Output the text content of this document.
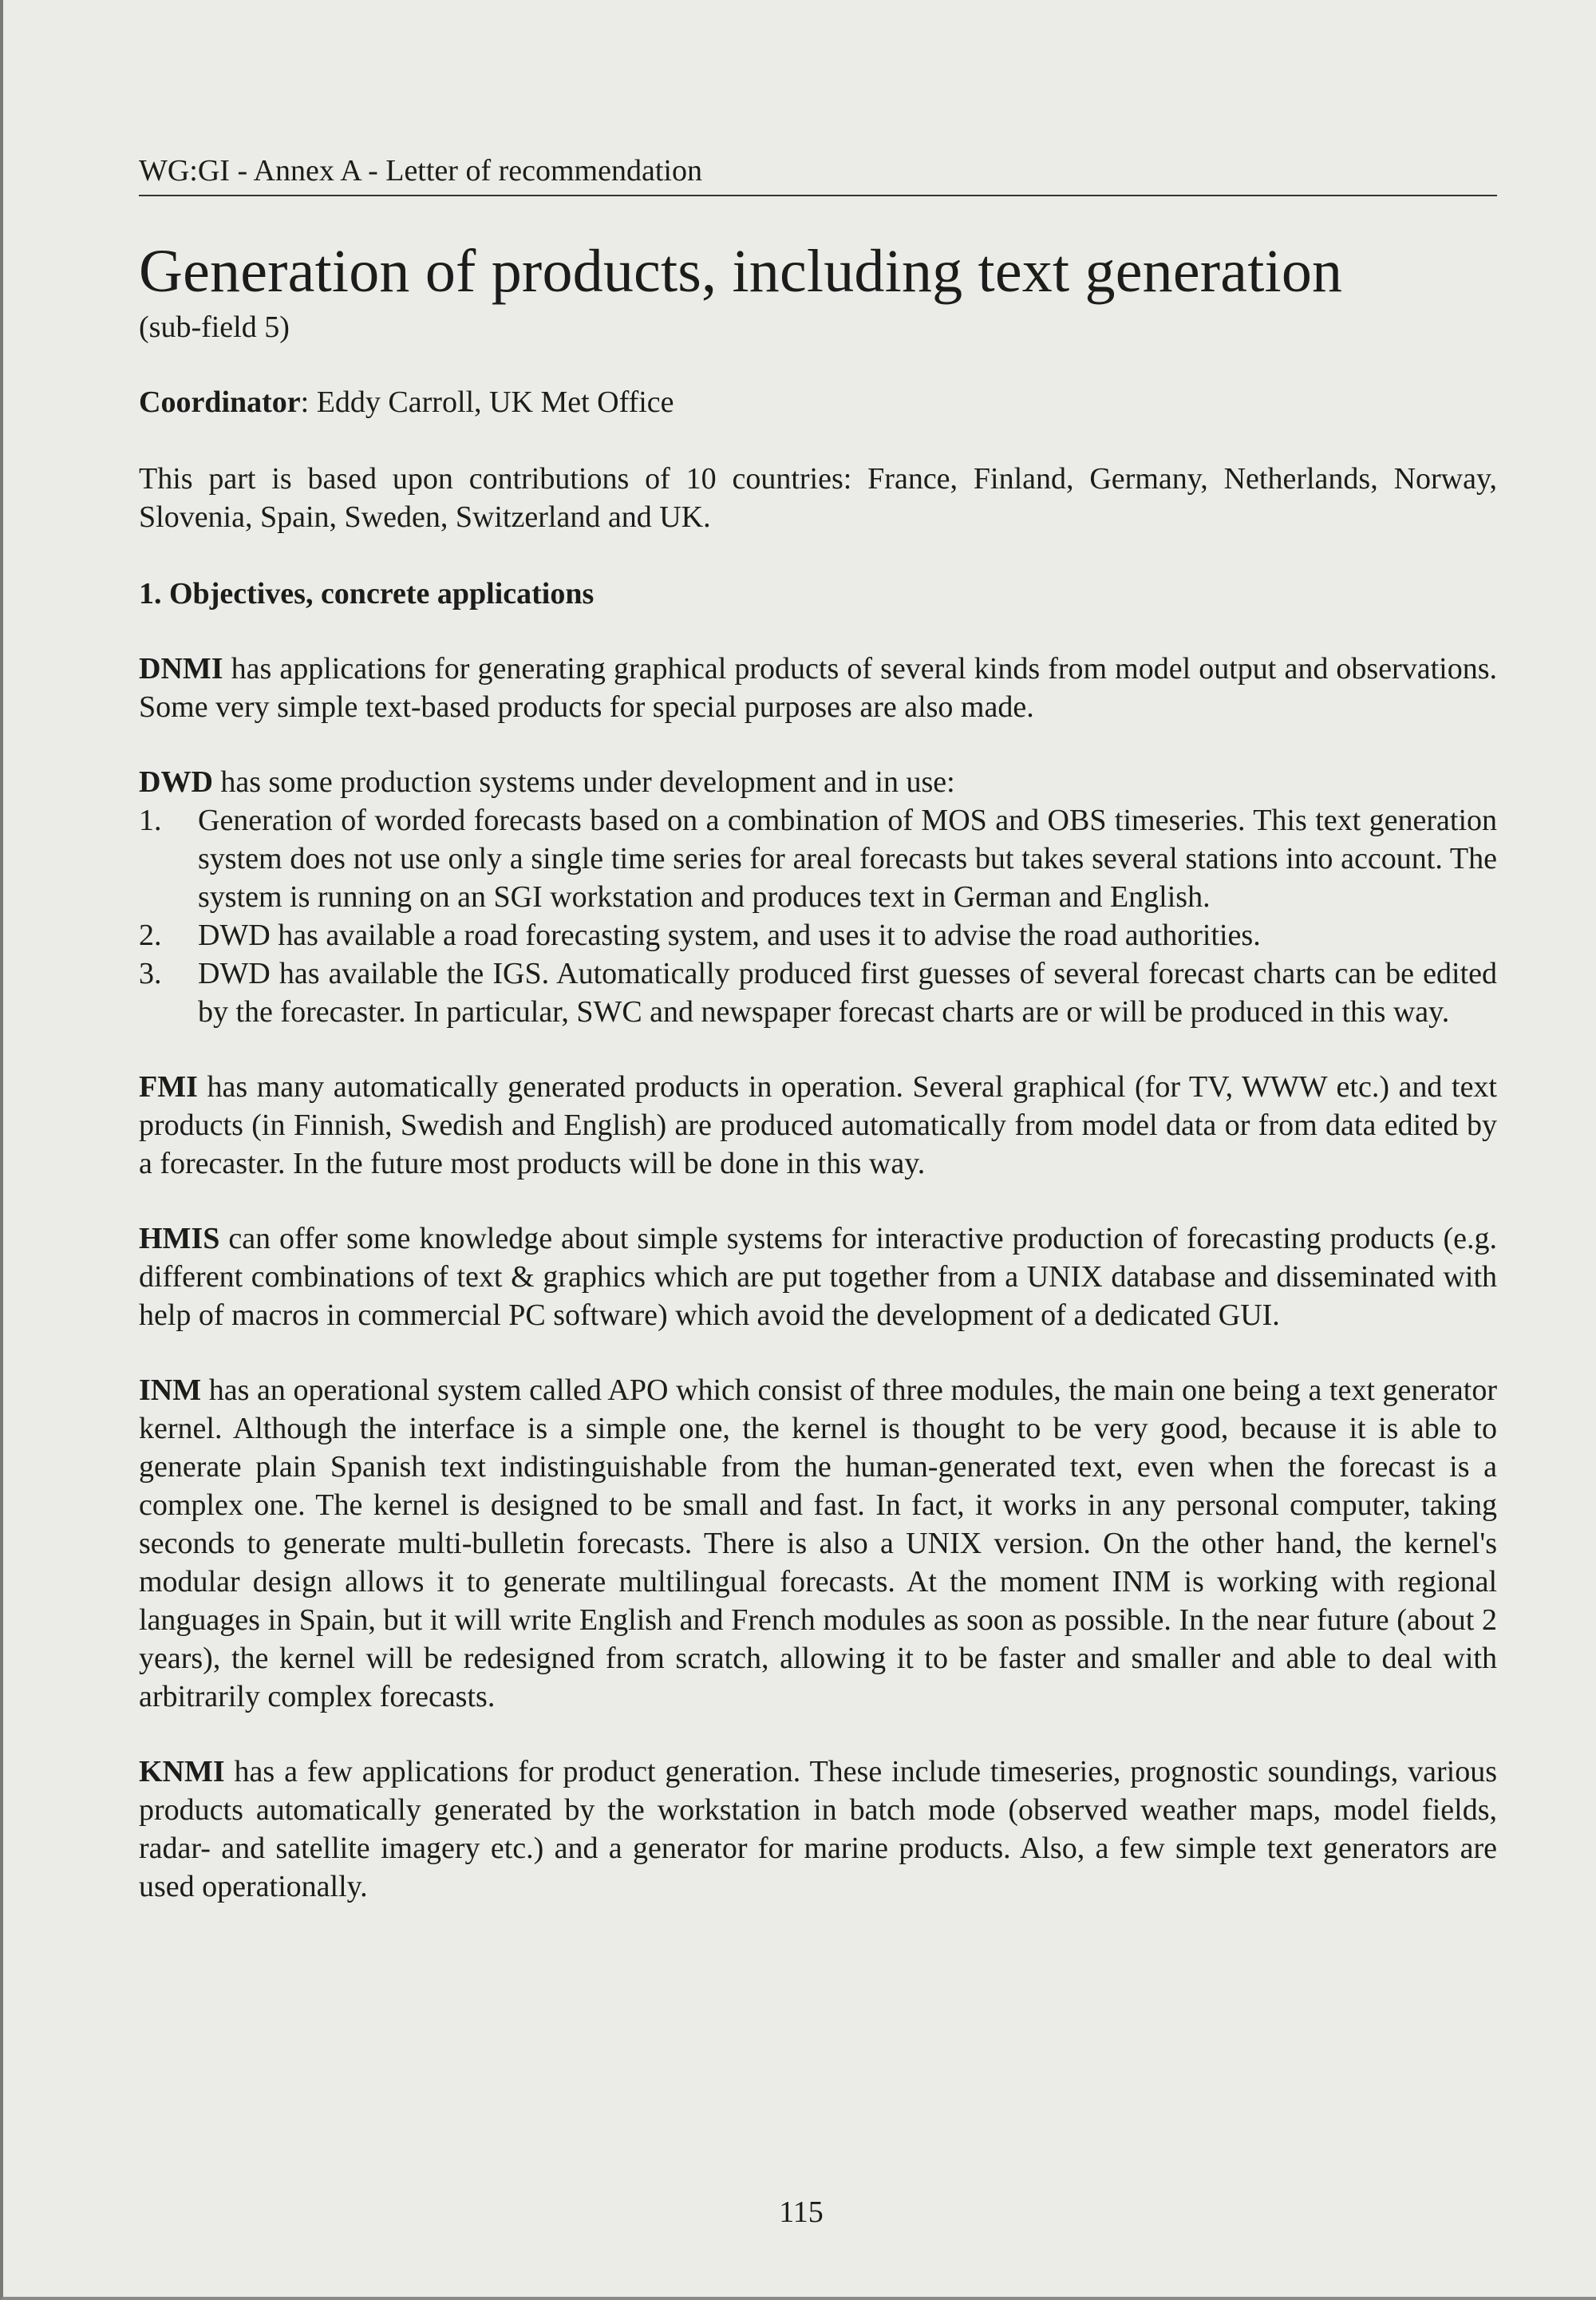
WG:GI - Annex A - Letter of recommendation

Generation of products, including text generation

(sub-field 5)

Coordinator: Eddy Carroll, UK Met Office

This part is based upon contributions of 10 countries: France, Finland, Germany, Netherlands, Norway, Slovenia, Spain, Sweden, Switzerland and UK.

1. Objectives, concrete applications

DNMI has applications for generating graphical products of several kinds from model output and observations. Some very simple text-based products for special purposes are also made.

DWD has some production systems under development and in use:

1. Generation of worded forecasts based on a combination of MOS and OBS timeseries. This text generation system does not use only a single time series for areal forecasts but takes several stations into account. The system is running on an SGI workstation and produces text in German and English.
2. DWD has available a road forecasting system, and uses it to advise the road authorities.
3. DWD has available the IGS. Automatically produced first guesses of several forecast charts can be edited by the forecaster. In particular, SWC and newspaper forecast charts are or will be produced in this way.

FMI has many automatically generated products in operation. Several graphical (for TV, WWW etc.) and text products (in Finnish, Swedish and English) are produced automatically from model data or from data edited by a forecaster. In the future most products will be done in this way.

HMIS can offer some knowledge about simple systems for interactive production of forecasting products (e.g. different combinations of text & graphics which are put together from a UNIX database and disseminated with help of macros in commercial PC software) which avoid the development of a dedicated GUI.

INM has an operational system called APO which consist of three modules, the main one being a text generator kernel. Although the interface is a simple one, the kernel is thought to be very good, because it is able to generate plain Spanish text indistinguishable from the human-generated text, even when the forecast is a complex one. The kernel is designed to be small and fast. In fact, it works in any personal computer, taking seconds to generate multi-bulletin forecasts. There is also a UNIX version. On the other hand, the kernel's modular design allows it to generate multilingual forecasts. At the moment INM is working with regional languages in Spain, but it will write English and French modules as soon as possible. In the near future (about 2 years), the kernel will be redesigned from scratch, allowing it to be faster and smaller and able to deal with arbitrarily complex forecasts.

KNMI has a few applications for product generation. These include timeseries, prognostic soundings, various products automatically generated by the workstation in batch mode (observed weather maps, model fields, radar- and satellite imagery etc.) and a generator for marine products. Also, a few simple text generators are used operationally.

115
